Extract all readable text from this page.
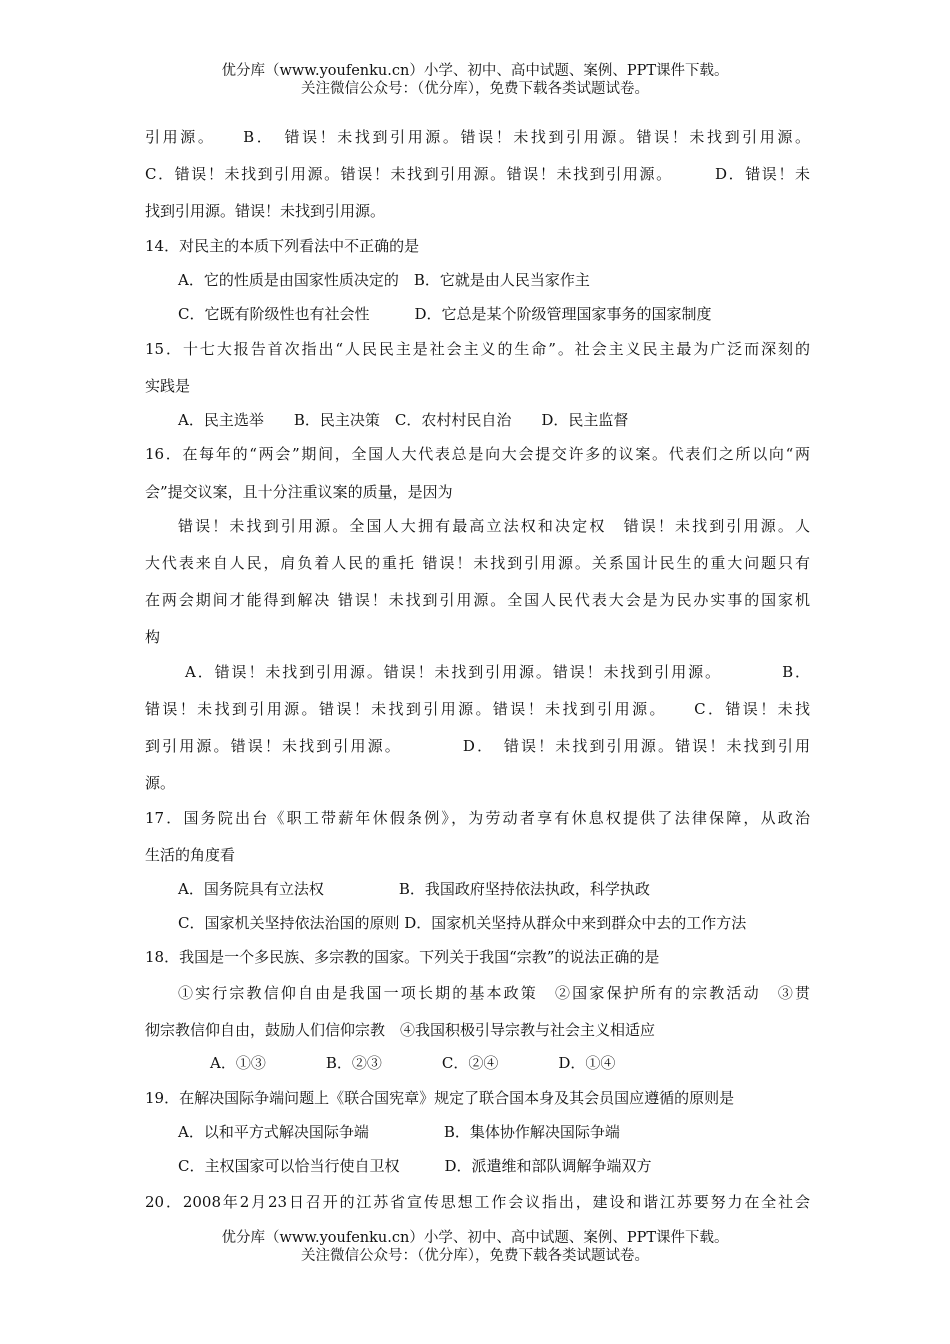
优分库（www.youfenku.cn）小学、初中、高中试题、案例、PPT课件下载。
关注微信公众号：（优分库），免费下载各类试题试卷。
引用源。　　B．　错误！未找到引用源。错误！未找到引用源。错误！未找到引用源。
C．错误！未找到引用源。错误！未找到引用源。错误！未找到引用源。　　　D．错误！未
找到引用源。错误！未找到引用源。
14．对民主的本质下列看法中不正确的是
A．它的性质是由国家性质决定的　B．它就是由人民当家作主
C．它既有阶级性也有社会性　　　D．它总是某个阶级管理国家事务的国家制度
15．十七大报告首次指出“人民民主是社会主义的生命”。社会主义民主最为广泛而深刻的
实践是
A．民主选举　　B．民主决策　C．农村村民自治　　D．民主监督
16．在每年的“两会”期间，全国人大代表总是向大会提交许多的议案。代表们之所以向“两
会”提交议案，且十分注重议案的质量，是因为
错误！未找到引用源。全国人大拥有最高立法权和决定权　错误！未找到引用源。人
大代表来自人民，肩负着人民的重托 错误！未找到引用源。关系国计民生的重大问题只有
在两会期间才能得到解决 错误！未找到引用源。全国人民代表大会是为民办实事的国家机
构
A．错误！未找到引用源。错误！未找到引用源。错误！未找到引用源。　　　　B．
错误！未找到引用源。错误！未找到引用源。错误！未找到引用源。　　C．错误！未找
到引用源。错误！未找到引用源。　　　　D．　错误！未找到引用源。错误！未找到引用
源。
17．国务院出台《职工带薪年休假条例》，为劳动者享有休息权提供了法律保障，从政治
生活的角度看
A．国务院具有立法权　　　　　B．我国政府坚持依法执政，科学执政
C．国家机关坚持依法治国的原则 D．国家机关坚持从群众中来到群众中去的工作方法
18．我国是一个多民族、多宗教的国家。下列关于我国“宗教”的说法正确的是
①实行宗教信仰自由是我国一项长期的基本政策　②国家保护所有的宗教活动　③贯
彻宗教信仰自由，鼓励人们信仰宗教　④我国积极引导宗教与社会主义相适应
A．①③　　　　B．②③　　　　C．②④　　　　D．①④
19．在解决国际争端问题上《联合国宪章》规定了联合国本身及其会员国应遵循的原则是
A．以和平方式解决国际争端　　　　　B．集体协作解决国际争端
C．主权国家可以恰当行使自卫权　　　D．派遣维和部队调解争端双方
20．2008年2月23日召开的江苏省宣传思想工作会议指出，建设和谐江苏要努力在全社会
优分库（www.youfenku.cn）小学、初中、高中试题、案例、PPT课件下载。
关注微信公众号：（优分库），免费下载各类试题试卷。
